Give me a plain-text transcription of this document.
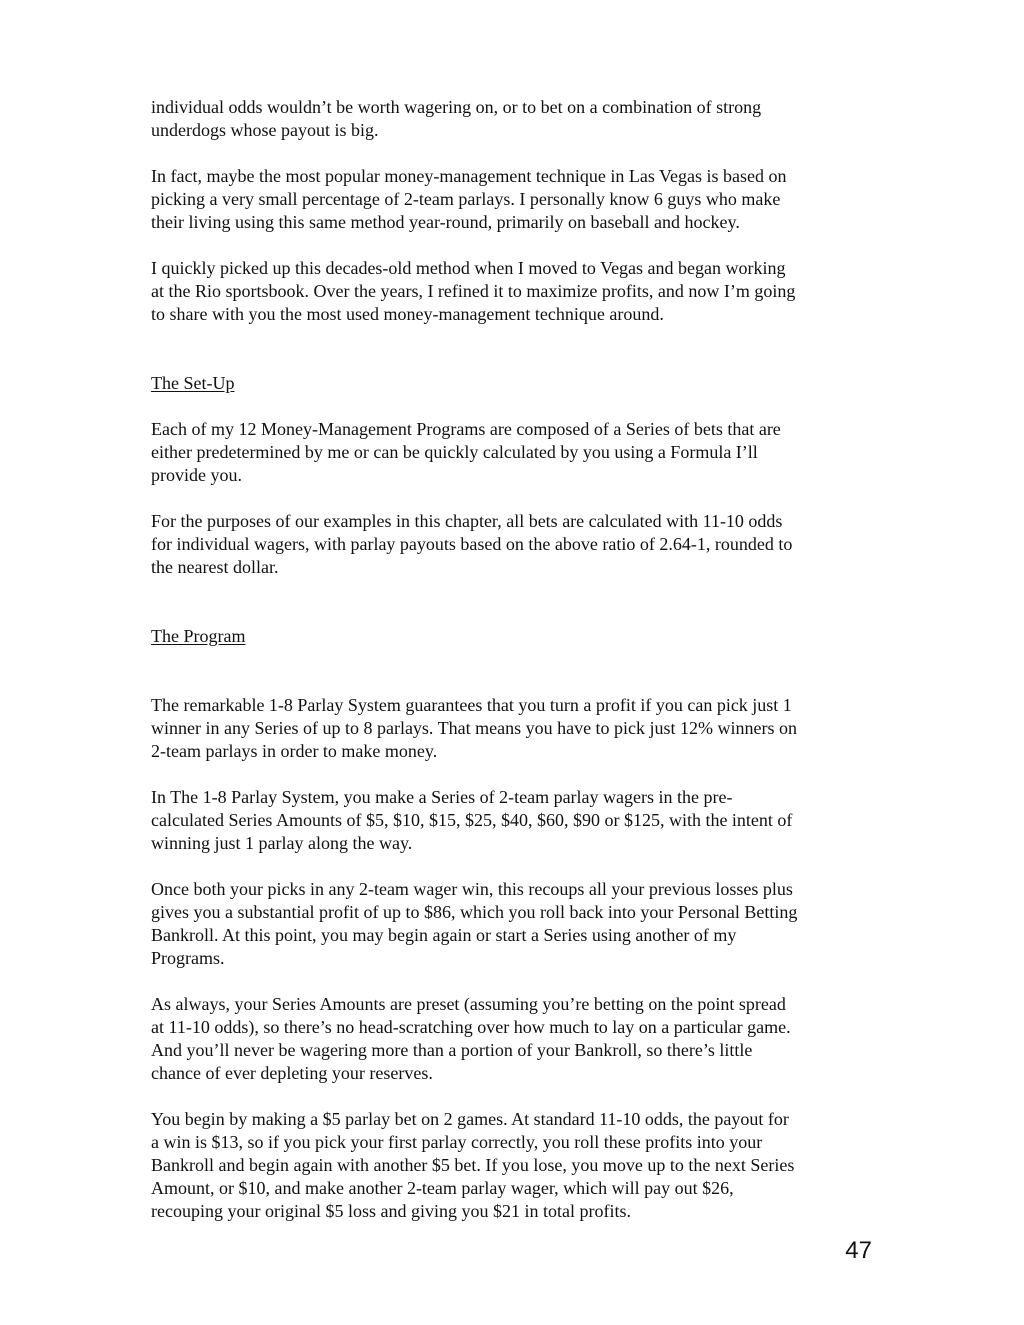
individual odds wouldn’t be worth wagering on, or to bet on a combination of strong
underdogs whose payout is big.

In fact, maybe the most popular money-management technique in Las Vegas is based on
picking a very small percentage of 2-team parlays. I personally know 6 guys who make
their living using this same method year-round, primarily on baseball and hockey.

I quickly picked up this decades-old method when I moved to Vegas and began working
at the Rio sportsbook. Over the years, I refined it to maximize profits, and now I’m going
to share with you the most used money-management technique around.

The Set-Up

Each of my 12 Money-Management Programs are composed of a Series of bets that are
either predetermined by me or can be quickly calculated by you using a Formula I’ll
provide you.

For the purposes of our examples in this chapter, all bets are calculated with 11-10 odds
for individual wagers, with parlay payouts based on the above ratio of 2.64-1, rounded to
the nearest dollar.

The Program

The remarkable 1-8 Parlay System guarantees that you turn a profit if you can pick just 1
winner in any Series of up to 8 parlays. That means you have to pick just 12% winners on
2-team parlays in order to make money.

In The 1-8 Parlay System, you make a Series of 2-team parlay wagers in the pre-
calculated Series Amounts of $5, $10, $15, $25, $40, $60, $90 or $125, with the intent of
winning just 1 parlay along the way.

Once both your picks in any 2-team wager win, this recoups all your previous losses plus
gives you a substantial profit of up to $86, which you roll back into your Personal Betting
Bankroll. At this point, you may begin again or start a Series using another of my
Programs.

As always, your Series Amounts are preset (assuming you’re betting on the point spread
at 11-10 odds), so there’s no head-scratching over how much to lay on a particular game.
And you’ll never be wagering more than a portion of your Bankroll, so there’s little
chance of ever depleting your reserves.

You begin by making a $5 parlay bet on 2 games. At standard 11-10 odds, the payout for
a win is $13, so if you pick your first parlay correctly, you roll these profits into your
Bankroll and begin again with another $5 bet. If you lose, you move up to the next Series
Amount, or $10, and make another 2-team parlay wager, which will pay out $26,
recouping your original $5 loss and giving you $21 in total profits.

47
